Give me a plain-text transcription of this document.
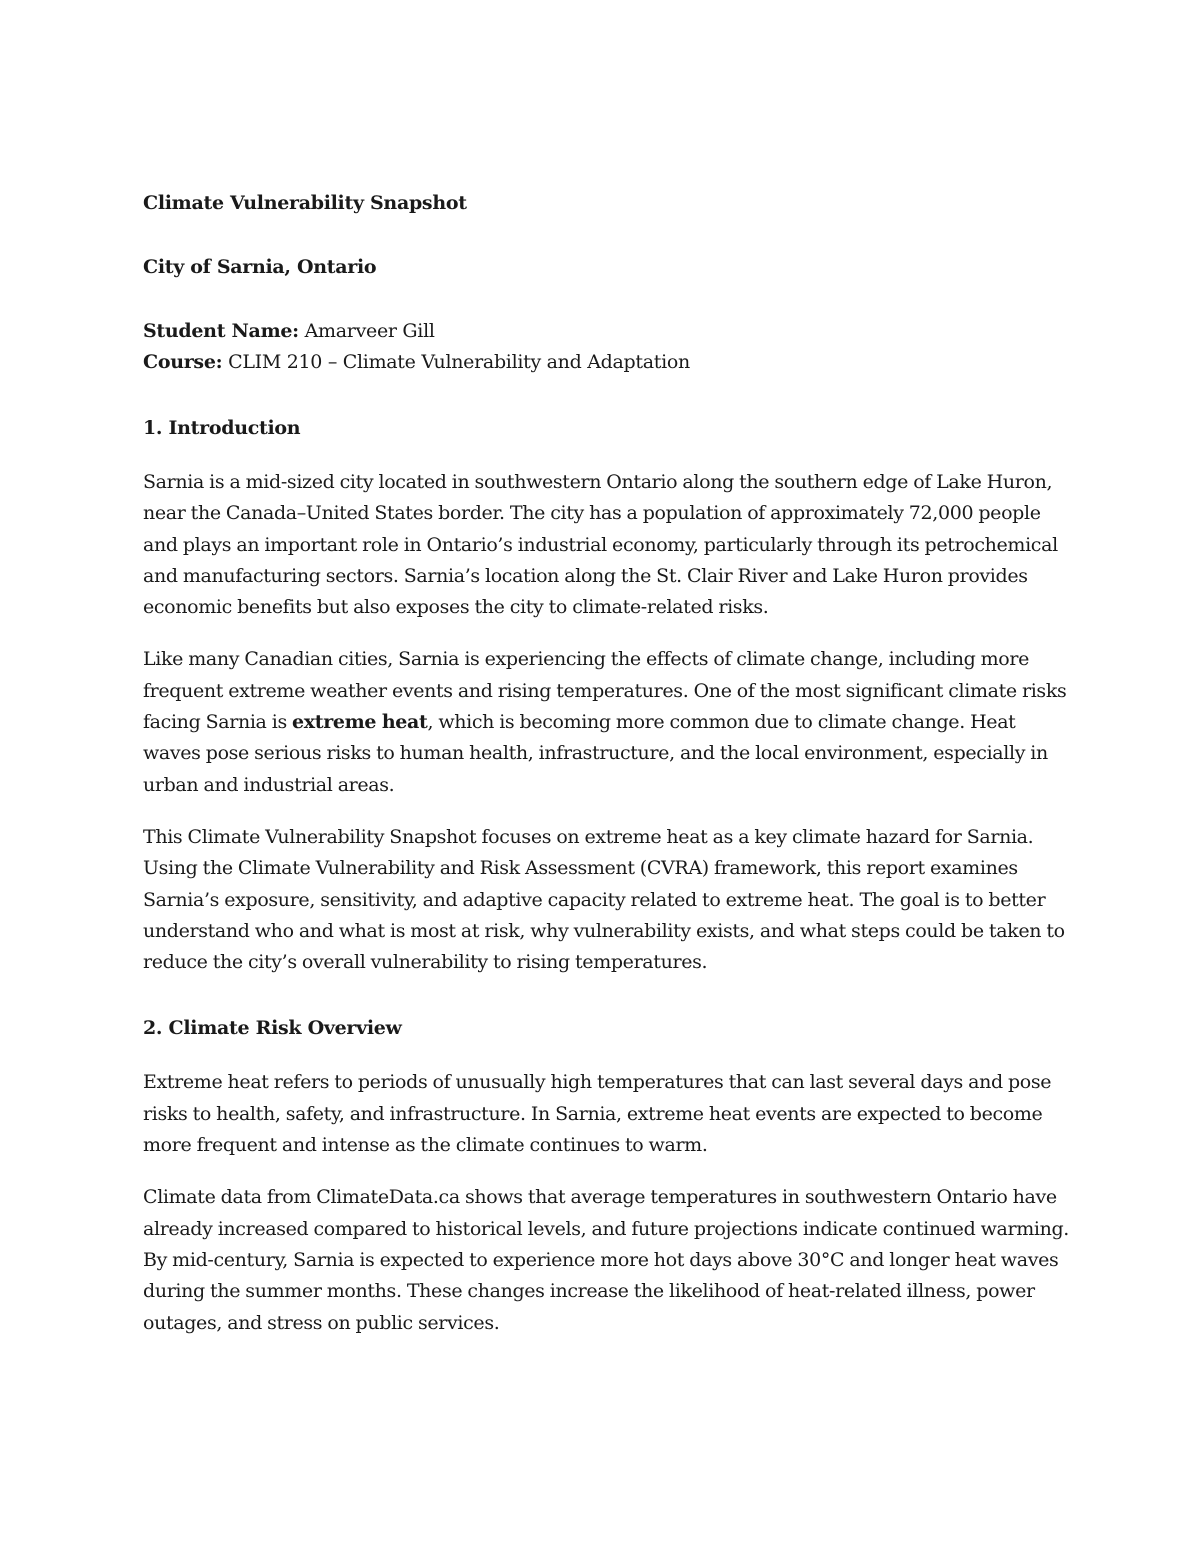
Climate Vulnerability Snapshot
City of Sarnia, Ontario
Student Name: Amarveer Gill
Course: CLIM 210 – Climate Vulnerability and Adaptation
1. Introduction

Sarnia is a mid-sized city located in southwestern Ontario along the southern edge of Lake Huron, near the Canada–United States border. The city has a population of approximately 72,000 people and plays an important role in Ontario’s industrial economy, particularly through its petrochemical and manufacturing sectors. Sarnia’s location along the St. Clair River and Lake Huron provides economic benefits but also exposes the city to climate-related risks.

Like many Canadian cities, Sarnia is experiencing the effects of climate change, including more frequent extreme weather events and rising temperatures. One of the most significant climate risks facing Sarnia is extreme heat, which is becoming more common due to climate change. Heat waves pose serious risks to human health, infrastructure, and the local environment, especially in urban and industrial areas.

This Climate Vulnerability Snapshot focuses on extreme heat as a key climate hazard for Sarnia. Using the Climate Vulnerability and Risk Assessment (CVRA) framework, this report examines Sarnia’s exposure, sensitivity, and adaptive capacity related to extreme heat. The goal is to better understand who and what is most at risk, why vulnerability exists, and what steps could be taken to reduce the city’s overall vulnerability to rising temperatures.

2. Climate Risk Overview

Extreme heat refers to periods of unusually high temperatures that can last several days and pose risks to health, safety, and infrastructure. In Sarnia, extreme heat events are expected to become more frequent and intense as the climate continues to warm.

Climate data from ClimateData.ca shows that average temperatures in southwestern Ontario have already increased compared to historical levels, and future projections indicate continued warming. By mid-century, Sarnia is expected to experience more hot days above 30°C and longer heat waves during the summer months. These changes increase the likelihood of heat-related illness, power outages, and stress on public services.
